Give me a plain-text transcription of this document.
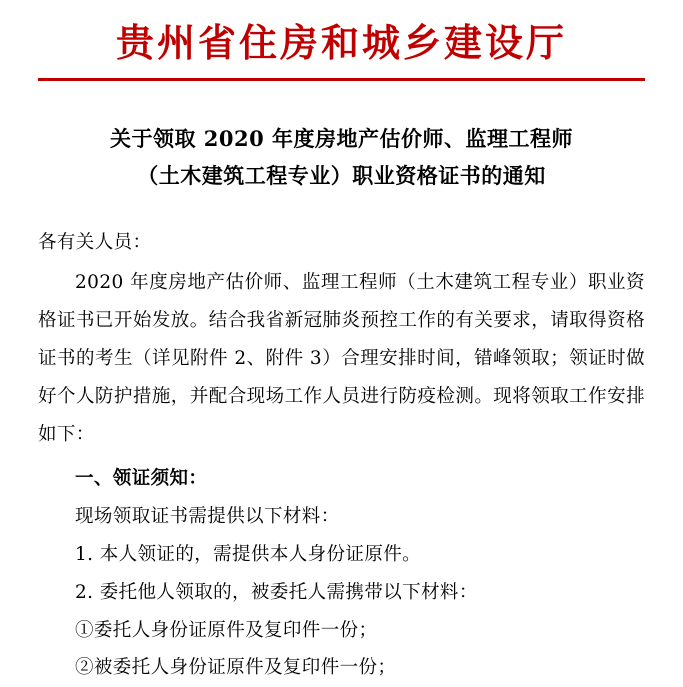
贵州省住房和城乡建设厅
关于领取 2020 年度房地产估价师、监理工程师
（土木建筑工程专业）职业资格证书的通知

各有关人员：

2020 年度房地产估价师、监理工程师（土木建筑工程专业）职业资格证书已开始发放。结合我省新冠肺炎预控工作的有关要求，请取得资格证书的考生（详见附件 2、附件 3）合理安排时间，错峰领取；领证时做好个人防护措施，并配合现场工作人员进行防疫检测。现将领取工作安排如下：

一、领证须知：

现场领取证书需提供以下材料：

1. 本人领证的，需提供本人身份证原件。

2. 委托他人领取的，被委托人需携带以下材料：

①委托人身份证原件及复印件一份；

②被委托人身份证原件及复印件一份；
